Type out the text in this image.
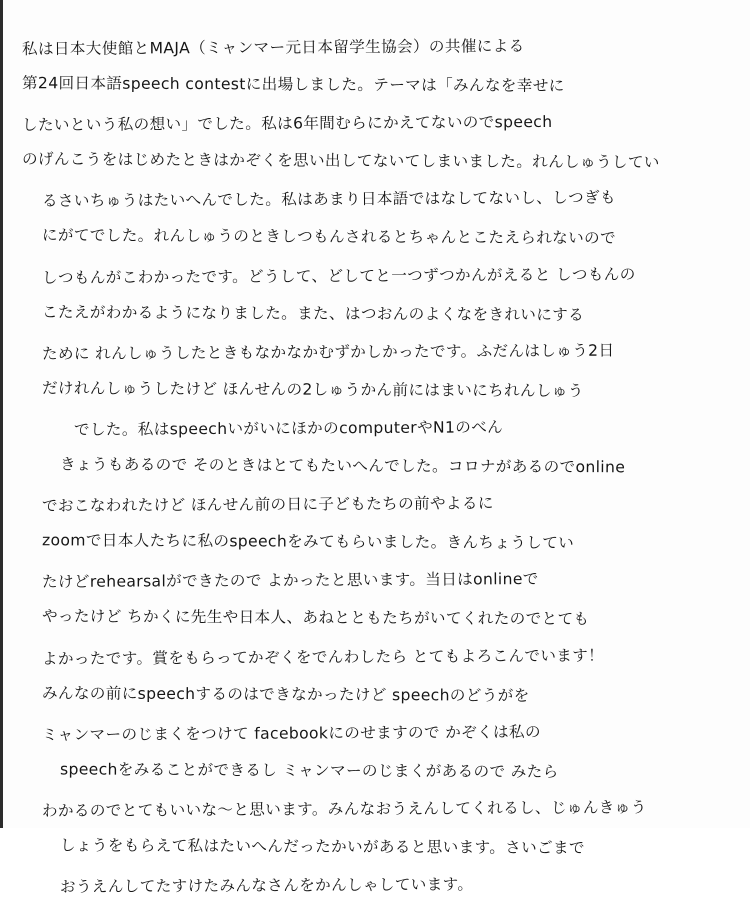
私は日本大使館とMAJA（ミャンマー元日本留学生協会）の共催による
第24回日本語speech contestに出場しました。テーマは「みんなを幸せに
したいという私の想い」でした。私は6年間むらにかえてないのでspeech
のげんこうをはじめたときはかぞくを思い出してないてしまいました。れんしゅうしてい
るさいちゅうはたいへんでした。私はあまり日本語ではなしてないし、しつぎも
にがてでした。れんしゅうのときしつもんされるとちゃんとこたえられないので
しつもんがこわかったです。どうして、どしてと一つずつかんがえると しつもんの
こたえがわかるようになりました。また、はつおんのよくなをきれいにする
ために れんしゅうしたときもなかなかむずかしかったです。ふだんはしゅう2日
だけれんしゅうしたけど ほんせんの2しゅうかん前にはまいにちれんしゅう
でした。私はspeechいがいにほかのcomputerやN1のべん
きょうもあるので そのときはとてもたいへんでした。コロナがあるのでonline
でおこなわれたけど ほんせん前の日に子どもたちの前やよるに
zoomで日本人たちに私のspeechをみてもらいました。きんちょうしてい
たけどrehearsalができたので よかったと思います。当日はonlineで
やったけど ちかくに先生や日本人、あねとともたちがいてくれたのでとても
よかったです。賞をもらってかぞくをでんわしたら とてもよろこんでいます！
みんなの前にspeechするのはできなかったけど speechのどうがを
ミャンマーのじまくをつけて facebookにのせますので かぞくは私の
speechをみることができるし ミャンマーのじまくがあるので みたら
わかるのでとてもいいな〜と思います。みんなおうえんしてくれるし、じゅんきゅう
しょうをもらえて私はたいへんだったかいがあると思います。さいごまで
おうえんしてたすけたみんなさんをかんしゃしています。
